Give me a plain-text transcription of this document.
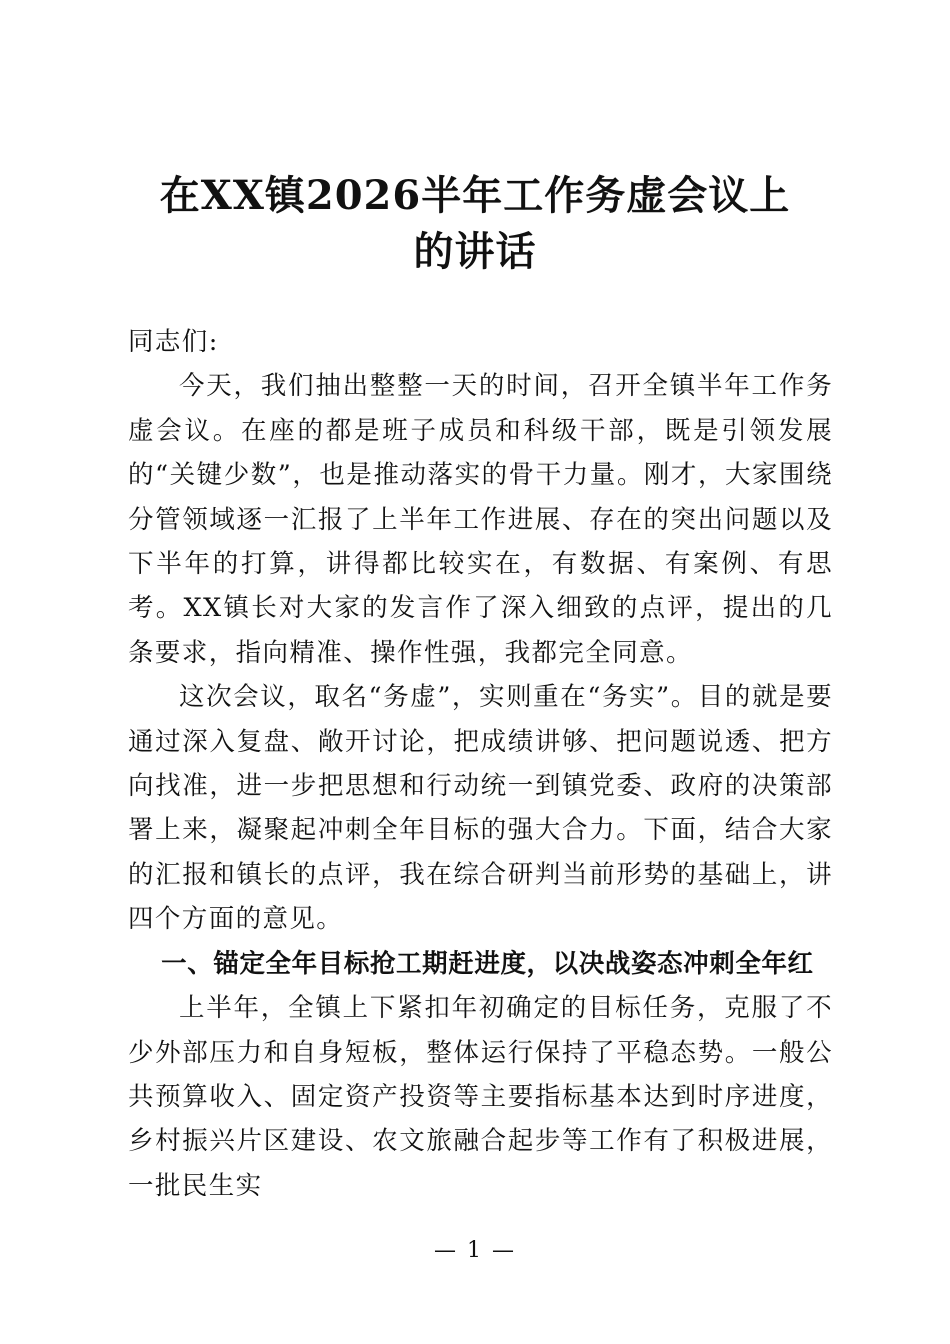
在XX镇2026半年工作务虚会议上
的讲话

同志们:

今天，我们抽出整整一天的时间，召开全镇半年工作务虚会议。在座的都是班子成员和科级干部，既是引领发展的“关键少数”，也是推动落实的骨干力量。刚才，大家围绕分管领域逐一汇报了上半年工作进展、存在的突出问题以及下半年的打算，讲得都比较实在，有数据、有案例、有思考。XX镇长对大家的发言作了深入细致的点评，提出的几条要求，指向精准、操作性强，我都完全同意。

这次会议，取名“务虚”，实则重在“务实”。目的就是要通过深入复盘、敞开讨论，把成绩讲够、把问题说透、把方向找准，进一步把思想和行动统一到镇党委、政府的决策部署上来，凝聚起冲刺全年目标的强大合力。下面，结合大家的汇报和镇长的点评，我在综合研判当前形势的基础上，讲四个方面的意见。

一、锚定全年目标抢工期赶进度，以决战姿态冲刺全年红

上半年，全镇上下紧扣年初确定的目标任务，克服了不少外部压力和自身短板，整体运行保持了平稳态势。一般公共预算收入、固定资产投资等主要指标基本达到时序进度，乡村振兴片区建设、农文旅融合起步等工作有了积极进展，一批民生实

— 1 —
